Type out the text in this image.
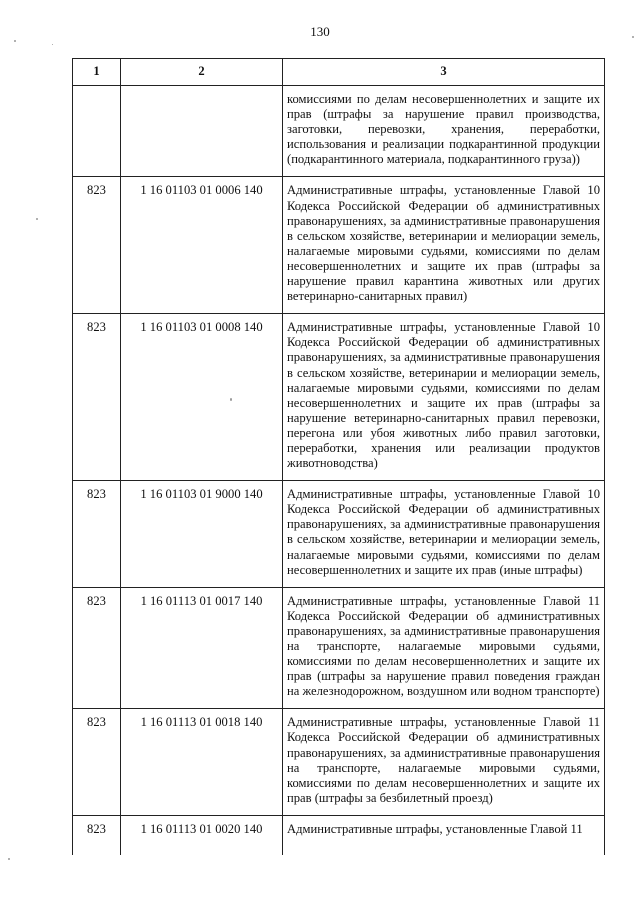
130
1	2	3
		комиссиями по делам несовершеннолетних и защите их прав (штрафы за нарушение правил производства, заготовки, перевозки, хранения, переработки, использования и реализации подкарантинной продукции (подкарантинного материала, подкарантинного груза))
823	1 16 01103 01 0006 140	Административные штрафы, установленные Главой 10 Кодекса Российской Федерации об административных правонарушениях, за административные правонарушения в сельском хозяйстве, ветеринарии и мелиорации земель, налагаемые мировыми судьями, комиссиями по делам несовершеннолетних и защите их прав (штрафы за нарушение правил карантина животных или других ветеринарно-санитарных правил)
823	1 16 01103 01 0008 140	Административные штрафы, установленные Главой 10 Кодекса Российской Федерации об административных правонарушениях, за административные правонарушения в сельском хозяйстве, ветеринарии и мелиорации земель, налагаемые мировыми судьями, комиссиями по делам несовершеннолетних и защите их прав (штрафы за нарушение ветеринарно-санитарных правил перевозки, перегона или убоя животных либо правил заготовки, переработки, хранения или реализации продуктов животноводства)
823	1 16 01103 01 9000 140	Административные штрафы, установленные Главой 10 Кодекса Российской Федерации об административных правонарушениях, за административные правонарушения в сельском хозяйстве, ветеринарии и мелиорации земель, налагаемые мировыми судьями, комиссиями по делам несовершеннолетних и защите их прав (иные штрафы)
823	1 16 01113 01 0017 140	Административные штрафы, установленные Главой 11 Кодекса Российской Федерации об административных правонарушениях, за административные правонарушения на транспорте, налагаемые мировыми судьями, комиссиями по делам несовершеннолетних и защите их прав (штрафы за нарушение правил поведения граждан на железнодорожном, воздушном или водном транспорте)
823	1 16 01113 01 0018 140	Административные штрафы, установленные Главой 11 Кодекса Российской Федерации об административных правонарушениях, за административные правонарушения на транспорте, налагаемые мировыми судьями, комиссиями по делам несовершеннолетних и защите их прав (штрафы за безбилетный проезд)
823	1 16 01113 01 0020 140	Административные штрафы, установленные Главой 11
